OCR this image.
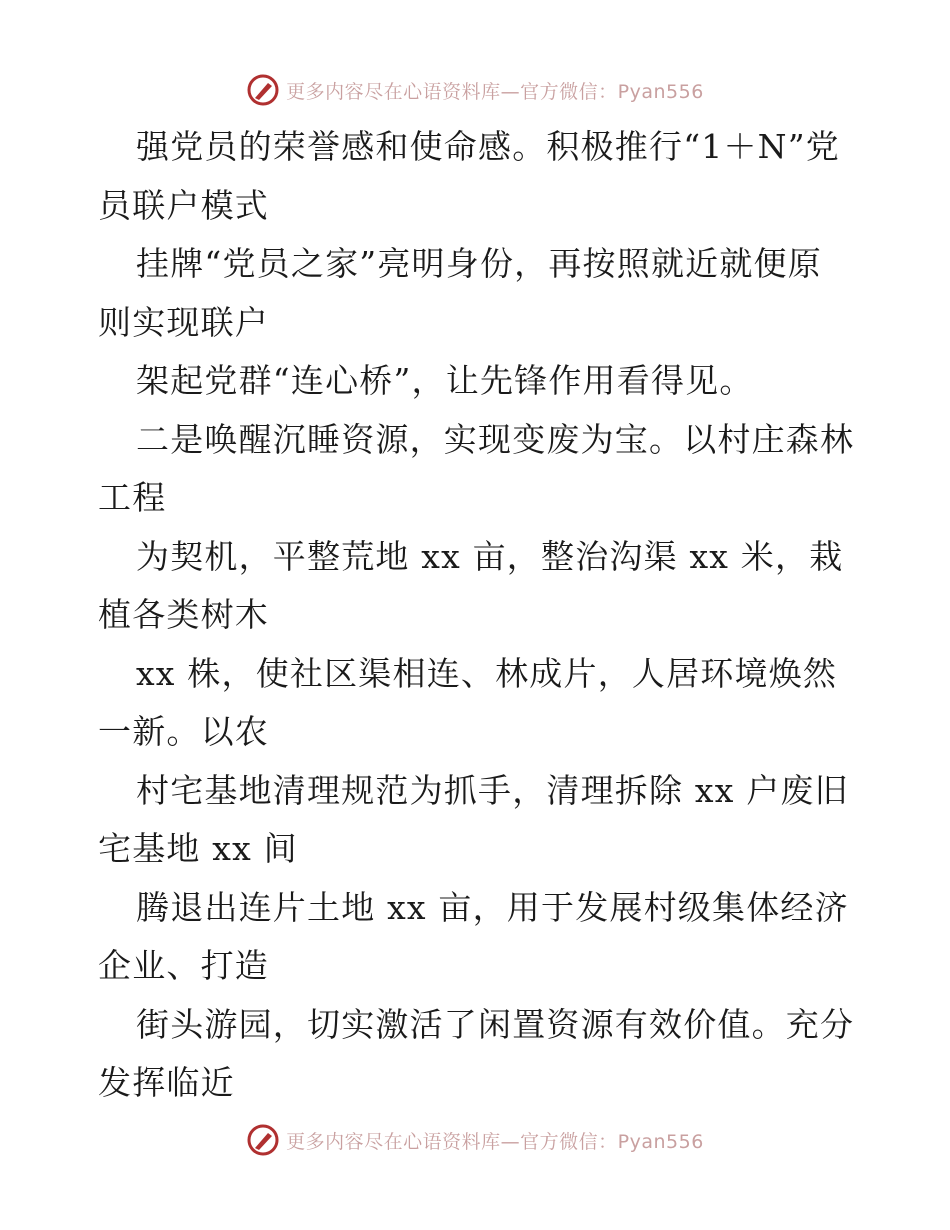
更多内容尽在心语资料库—官方微信：Pyan556

强党员的荣誉感和使命感。积极推行“1＋N”党
员联户模式

挂牌“党员之家”亮明身份，再按照就近就便原
则实现联户

架起党群“连心桥”，让先锋作用看得见。

二是唤醒沉睡资源，实现变废为宝。以村庄森林
工程

为契机，平整荒地 xx 亩，整治沟渠 xx 米，栽
植各类树木

xx 株，使社区渠相连、林成片，人居环境焕然
一新。以农

村宅基地清理规范为抓手，清理拆除 xx 户废旧
宅基地 xx 间

腾退出连片土地 xx 亩，用于发展村级集体经济
企业、打造

街头游园，切实激活了闲置资源有效价值。充分
发挥临近

更多内容尽在心语资料库—官方微信：Pyan556
